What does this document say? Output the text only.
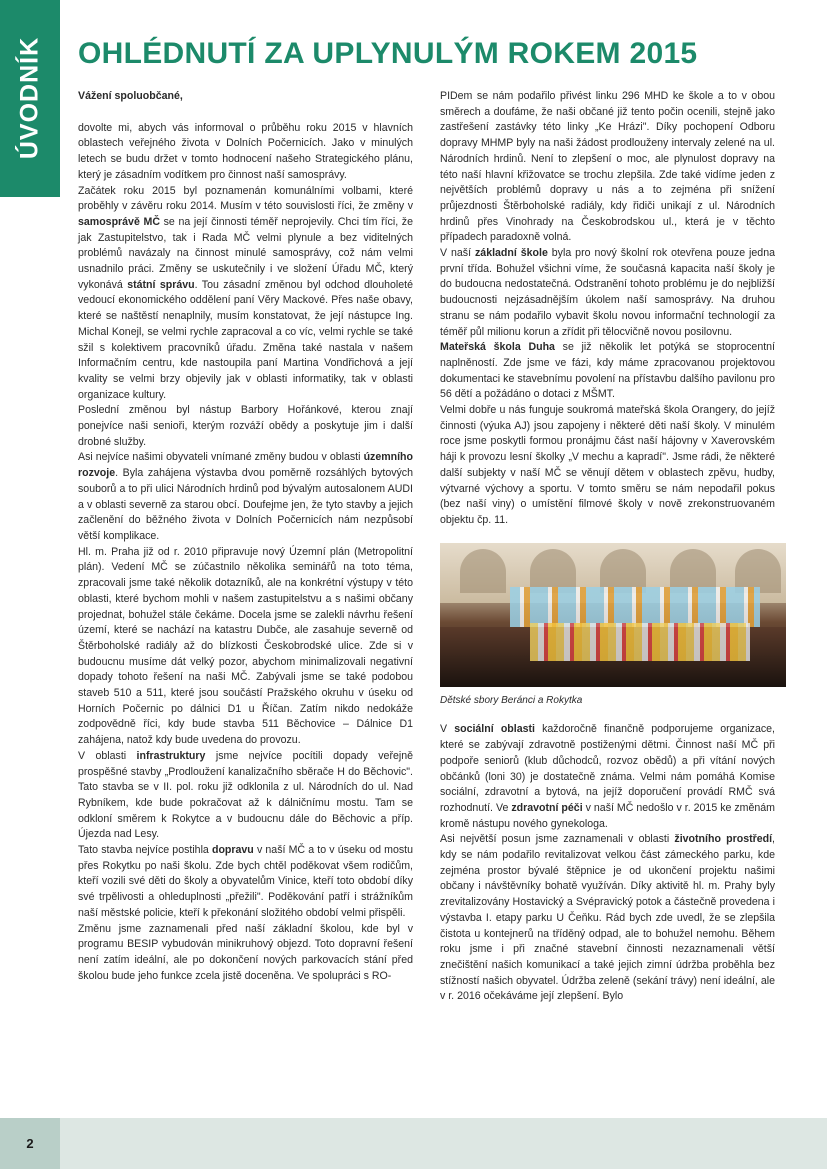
ÚVODNÍK OHLÉDNUTÍ ZA UPLYNULÝM ROKEM 2015

Vážení spoluobčané,

dovolte mi, abych vás informoval o průběhu roku 2015 v hlavních oblastech veřejného života v Dolních Počernicích. Jako v minulých letech se budu držet v tomto hodnocení našeho Strategického plánu, který je zásadním vodítkem pro činnost naší samosprávy.

Začátek roku 2015 byl poznamenán komunálními volbami, které proběhly v závěru roku 2014. Musím v této souvislosti říci, že změny v samosprávě MČ se na její činnosti téměř neprojevily. Chci tím říci, že jak Zastupitelstvo, tak i Rada MČ velmi plynule a bez viditelných problémů navázaly na činnost minulé samosprávy, což nám velmi usnadnilo práci. Změny se uskutečnily i ve složení Úřadu MČ, který vykonává státní správu. Tou zásadní změnou byl odchod dlouholeté vedoucí ekonomického oddělení paní Věry Mackové. Přes naše obavy, které se naštěstí nenaplnily, musím konstatovat, že její nástupce Ing. Michal Konejl, se velmi rychle zapracoval a co víc, velmi rychle se také sžil s kolektivem pracovníků úřadu. Změna také nastala v našem Informačním centru, kde nastoupila paní Martina Vondřichová a její kvality se velmi brzy objevily jak v oblasti informatiky, tak v oblasti organizace kultury.

Poslední změnou byl nástup Barbory Hořánkové, kterou znají ponejvíce naši senioři, kterým rozváží obědy a poskytuje jim i další drobné služby.

Asi nejvíce našimi obyvateli vnímané změny budou v oblasti územního rozvoje. Byla zahájena výstavba dvou poměrně rozsáhlých bytových souborů a to při ulici Národních hrdinů pod bývalým autosalonem AUDI a v oblasti severně za starou obcí. Doufejme jen, že tyto stavby a jejich začlenění do běžného života v Dolních Počernicích nám nezpůsobí větší komplikace.

Hl. m. Praha již od r. 2010 připravuje nový Územní plán (Metropolitní plán). Vedení MČ se zúčastnilo několika seminářů na toto téma, zpracovali jsme také několik dotazníků, ale na konkrétní výstupy v této oblasti, které bychom mohli v našem zastupitelstvu a s našimi občany projednat, bohužel stále čekáme. Docela jsme se zalekli návrhu řešení území, které se nachází na katastru Dubče, ale zasahuje severně od Štěrboholské radiály až do blízkosti Českobrodské ulice. Zde si v budoucnu musíme dát velký pozor, abychom minimalizovali negativní dopady tohoto řešení na naši MČ. Zabývali jsme se také podobou staveb 510 a 511, které jsou součástí Pražského okruhu v úseku od Horních Počernic po dálnici D1 u Říčan. Zatím nikdo nedokáže zodpovědně říci, kdy bude stavba 511 Běchovice – Dálnice D1 zahájena, natož kdy bude uvedena do provozu.

V oblasti infrastruktury jsme nejvíce pocítili dopady veřejně prospěšné stavby „Prodloužení kanalizačního sběrače H do Běchovic". Tato stavba se v II. pol. roku již odklonila z ul. Národních do ul. Nad Rybníkem, kde bude pokračovat až k dálničnímu mostu. Tam se odkloní směrem k Rokytce a v budoucnu dále do Běchovic a příp. Újezda nad Lesy.

Tato stavba nejvíce postihla dopravu v naší MČ a to v úseku od mostu přes Rokytku po naši školu. Zde bych chtěl poděkovat všem rodičům, kteří vozili své děti do školy a obyvatelům Vinice, kteří toto období díky své trpělivosti a ohleduplnosti „přežili". Poděkování patří i strážníkům naší městské policie, kteří k překonání složitého období velmi přispěli.

Změnu jsme zaznamenali před naší základní školou, kde byl v programu BESIP vybudován minikruhový objezd. Toto dopravní řešení není zatím ideální, ale po dokončení nových parkovacích stání před školou bude jeho funkce zcela jistě doceněna. Ve spolupráci s RO-

PIDem se nám podařilo přivést linku 296 MHD ke škole a to v obou směrech a doufáme, že naši občané již tento počin ocenili, stejně jako zastřešení zastávky této linky „Ke Hrázi". Díky pochopení Odboru dopravy MHMP byly na naši žádost prodlouženy intervaly zelené na ul. Národních hrdinů. Není to zlepšení o moc, ale plynulost dopravy na této naší hlavní křižovatce se trochu zlepšila. Zde také vidíme jeden z největších problémů dopravy u nás a to zejména při snížení průjezdnosti Štěrboholské radiály, kdy řidiči unikají z ul. Národních hrdinů přes Vinohrady na Českobrodskou ul., která je v těchto případech paradoxně volná.

V naší základní škole byla pro nový školní rok otevřena pouze jedna první třída. Bohužel všichni víme, že současná kapacita naší školy je do budoucna nedostatečná. Odstranění tohoto problému je do nejbližší budoucnosti nejzásadnějším úkolem naší samosprávy. Na druhou stranu se nám podařilo vybavit školu novou informační technologií za téměř půl milionu korun a zřídit při tělocvičně novou posilovnu.

Mateřská škola Duha se již několik let potýká se stoprocentní naplněností. Zde jsme ve fázi, kdy máme zpracovanou projektovou dokumentaci ke stavebnímu povolení na přístavbu dalšího pavilonu pro 56 dětí a požádáno o dotaci z MŠMT.

Velmi dobře u nás funguje soukromá mateřská škola Orangery, do jejíž činnosti (výuka AJ) jsou zapojeny i některé děti naší školy. V minulém roce jsme poskytli formou pronájmu část naší hájovny v Xaverovském háji k provozu lesní školky „V mechu a kapradí". Jsme rádi, že některé další subjekty v naší MČ se věnují dětem v oblastech zpěvu, hudby, výtvarné výchovy a sportu. V tomto směru se nám nepodařil pokus (bez naší viny) o umístění filmové školy v nově zrekonstruovaném objektu čp. 11.

Dětské sbory Beránci a Rokytka

V sociální oblasti každoročně finančně podporujeme organizace, které se zabývají zdravotně postiženými dětmi. Činnost naší MČ při podpoře seniorů (klub důchodců, rozvoz obědů) a při vítání nových občánků (loni 30) je dostatečně známa. Velmi nám pomáhá Komise sociální, zdravotní a bytová, na jejíž doporučení provádí RMČ svá rozhodnutí. Ve zdravotní péči v naší MČ nedošlo v r. 2015 ke změnám kromě nástupu nového gynekologa.

Asi největší posun jsme zaznamenali v oblasti životního prostředí, kdy se nám podařilo revitalizovat velkou část zámeckého parku, kde zejména prostor bývalé štěpnice je od ukončení projektu našimi občany i návštěvníky bohatě využíván. Díky aktivitě hl. m. Prahy byly zrevitalizovány Hostavický a Svépravický potok a částečně provedena i výstavba I. etapy parku U Čeňku. Rád bych zde uvedl, že se zlepšila čistota u kontejnerů na tříděný odpad, ale to bohužel nemohu. Během roku jsme i při značné stavební činnosti nezaznamenali větší znečištění našich komunikací a také jejich zimní údržba proběhla bez stížností našich obyvatel. Údržba zeleně (sekání trávy) není ideální, ale v r. 2016 očekáváme její zlepšení. Bylo

2
